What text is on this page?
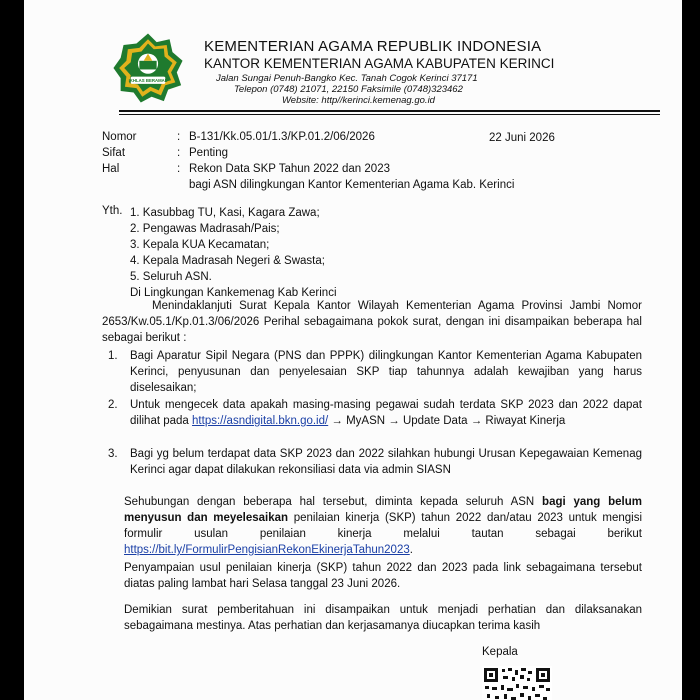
IKHLAS BERAMAL
KEMENTERIAN AGAMA REPUBLIK INDONESIA
KANTOR KEMENTERIAN AGAMA KABUPATEN KERINCI
Jalan Sungai Penuh-Bangko Kec. Tanah Cogok Kerinci 37171
Telepon (0748) 21071, 22150 Faksimile (0748)323462
Website: http//kerinci.kemenag.go.id
Nomor	: B-131/Kk.05.01/1.3/KP.01.2/06/2026	22 Juni 2026
Sifat	: Penting
Hal	: Rekon Data SKP Tahun 2022 dan 2023
bagi ASN dilingkungan Kantor Kementerian Agama Kab. Kerinci
Yth. 1. Kasubbag TU, Kasi, Kagara Zawa;
2. Pengawas Madrasah/Pais;
3. Kepala KUA Kecamatan;
4. Kepala Madrasah Negeri & Swasta;
5. Seluruh ASN.
Di Lingkungan Kankemenag Kab Kerinci
Menindaklanjuti Surat Kepala Kantor Wilayah Kementerian Agama Provinsi Jambi Nomor 2653/Kw.05.1/Kp.01.3/06/2026 Perihal sebagaimana pokok surat, dengan ini disampaikan beberapa hal sebagai berikut :
1. Bagi Aparatur Sipil Negara (PNS dan PPPK) dilingkungan Kantor Kementerian Agama Kabupaten Kerinci, penyusunan dan penyelesaian SKP tiap tahunnya adalah kewajiban yang harus diselesaikan;
2. Untuk mengecek data apakah masing-masing pegawai sudah terdata SKP 2023 dan 2022 dapat dilihat pada https://asndigital.bkn.go.id/ → MyASN → Update Data → Riwayat Kinerja
3. Bagi yg belum terdapat data SKP 2023 dan 2022 silahkan hubungi Urusan Kepegawaian Kemenag Kerinci agar dapat dilakukan rekonsiliasi data via admin SIASN
Sehubungan dengan beberapa hal tersebut, diminta kepada seluruh ASN bagi yang belum menyusun dan meyelesaikan penilaian kinerja (SKP) tahun 2022 dan/atau 2023 untuk mengisi formulir usulan penilaian kinerja melalui tautan sebagai berikut https://bit.ly/FormulirPengisianRekonEkinerjaTahun2023.
Penyampaian usul penilaian kinerja (SKP) tahun 2022 dan 2023 pada link sebagaimana tersebut diatas paling lambat hari Selasa tanggal 23 Juni 2026.
Demikian surat pemberitahuan ini disampaikan untuk menjadi perhatian dan dilaksanakan sebagaimana mestinya. Atas perhatian dan kerjasamanya diucapkan terima kasih
Kepala
